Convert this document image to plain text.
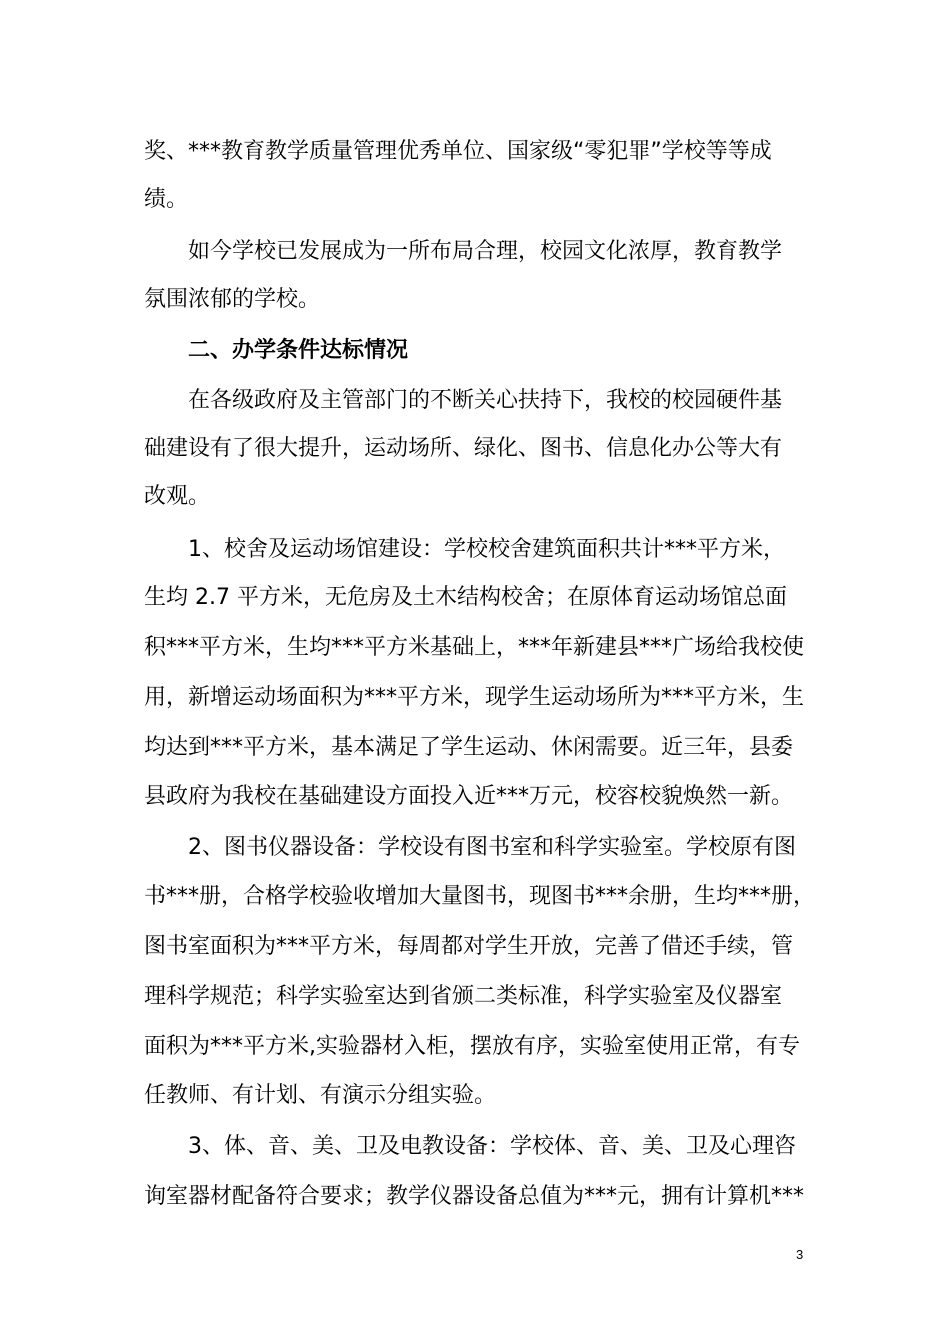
奖、***教育教学质量管理优秀单位、国家级“零犯罪”学校等等成
绩。
如今学校已发展成为一所布局合理，校园文化浓厚，教育教学
氛围浓郁的学校。
二、办学条件达标情况
在各级政府及主管部门的不断关心扶持下，我校的校园硬件基
础建设有了很大提升，运动场所、绿化、图书、信息化办公等大有
改观。
1、校舍及运动场馆建设：学校校舍建筑面积共计***平方米，
生均 2.7 平方米，无危房及土木结构校舍；在原体育运动场馆总面
积***平方米，生均***平方米基础上，***年新建县***广场给我校使
用，新增运动场面积为***平方米，现学生运动场所为***平方米，生
均达到***平方米，基本满足了学生运动、休闲需要。近三年，县委
县政府为我校在基础建设方面投入近***万元，校容校貌焕然一新。
2、图书仪器设备：学校设有图书室和科学实验室。学校原有图
书***册，合格学校验收增加大量图书，现图书***余册，生均***册，
图书室面积为***平方米，每周都对学生开放，完善了借还手续，管
理科学规范；科学实验室达到省颁二类标准，科学实验室及仪器室
面积为***平方米,实验器材入柜，摆放有序，实验室使用正常，有专
任教师、有计划、有演示分组实验。
3、体、音、美、卫及电教设备：学校体、音、美、卫及心理咨
询室器材配备符合要求；教学仪器设备总值为***元，拥有计算机***
3
